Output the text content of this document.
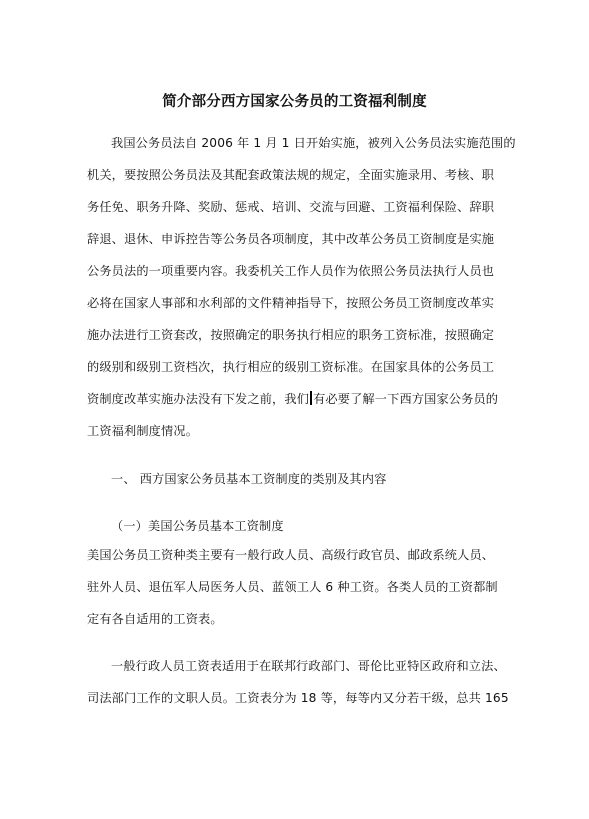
简介部分西方国家公务员的工资福利制度
我国公务员法自 2006 年 1 月 1 日开始实施，被列入公务员法实施范围的
机关，要按照公务员法及其配套政策法规的规定，全面实施录用、考核、职
务任免、职务升降、奖励、惩戒、培训、交流与回避、工资福利保险、辞职
辞退、退休、申诉控告等公务员各项制度，其中改革公务员工资制度是实施
公务员法的一项重要内容。我委机关工作人员作为依照公务员法执行人员也
必将在国家人事部和水利部的文件精神指导下，按照公务员工资制度改革实
施办法进行工资套改，按照确定的职务执行相应的职务工资标准，按照确定
的级别和级别工资档次，执行相应的级别工资标准。在国家具体的公务员工
资制度改革实施办法没有下发之前，我们 有必要了解一下西方国家公务员的
工资福利制度情况。
一、 西方国家公务员基本工资制度的类别及其内容
（一）美国公务员基本工资制度
美国公务员工资种类主要有一般行政人员、高级行政官员、邮政系统人员、
驻外人员、退伍军人局医务人员、蓝领工人 6 种工资。各类人员的工资都制
定有各自适用的工资表。
一般行政人员工资表适用于在联邦行政部门、哥伦比亚特区政府和立法、
司法部门工作的文职人员。工资表分为 18 等，每等内又分若干级，总共 165
